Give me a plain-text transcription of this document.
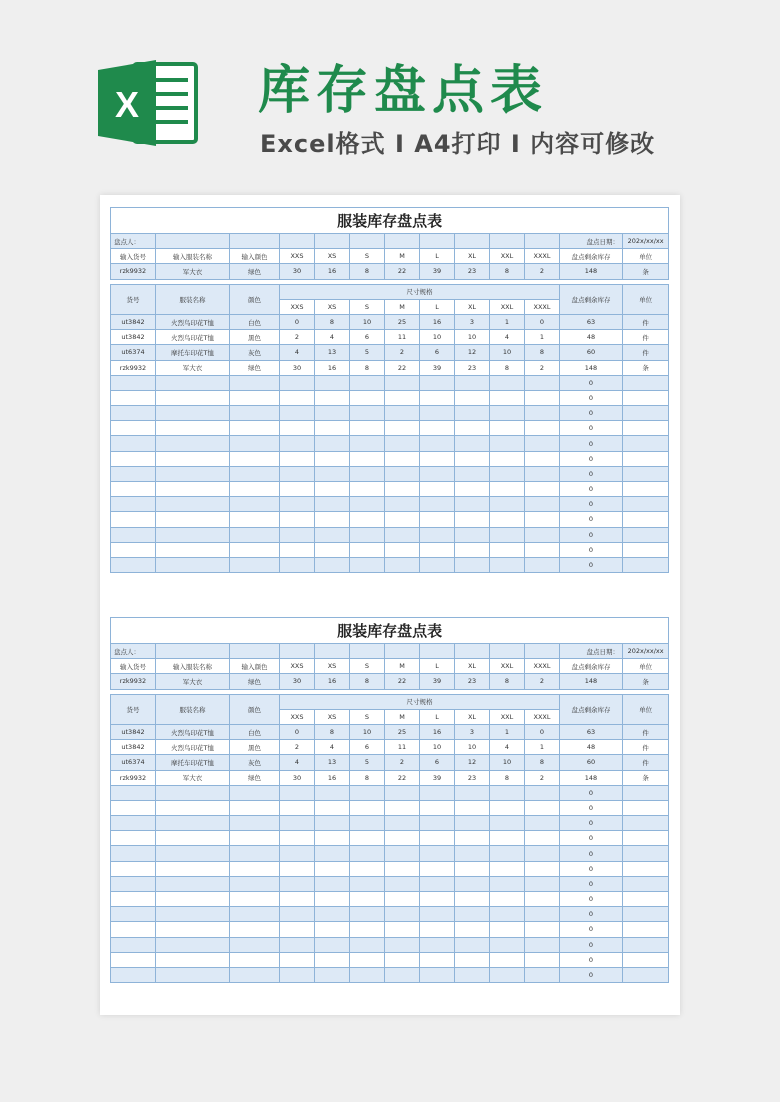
X 库存盘点表
Excel格式 I A4打印 I 内容可修改
服装库存盘点表												
盘点人：											盘点日期：	202x/xx/xx
输入货号	输入服装名称	输入颜色	XXS	XS	S	M	L	XL	XXL	XXXL	盘点剩余库存	单位
rzk9932	军大衣	绿色	30	16	8	22	39	23	8	2	148	条

货号	服装名称	颜色	尺寸规格								盘点剩余库存	单位
			XXS	XS	S	M	L	XL	XXL	XXXL		
ut3842	火烈鸟印花T恤	白色	0	8	10	25	16	3	1	0	63	件
ut3842	火烈鸟印花T恤	黑色	2	4	6	11	10	10	4	1	48	件
ut6374	摩托车印花T恤	灰色	4	13	5	2	6	12	10	8	60	件
rzk9932	军大衣	绿色	30	16	8	22	39	23	8	2	148	条
											0	
											0	
											0	
											0	
											0	
											0	
											0	
											0	
											0	
											0	
											0	
											0	
											0	
服装库存盘点表												
盘点人：											盘点日期：	202x/xx/xx
输入货号	输入服装名称	输入颜色	XXS	XS	S	M	L	XL	XXL	XXXL	盘点剩余库存	单位
rzk9932	军大衣	绿色	30	16	8	22	39	23	8	2	148	条

货号	服装名称	颜色	尺寸规格								盘点剩余库存	单位
			XXS	XS	S	M	L	XL	XXL	XXXL		
ut3842	火烈鸟印花T恤	白色	0	8	10	25	16	3	1	0	63	件
ut3842	火烈鸟印花T恤	黑色	2	4	6	11	10	10	4	1	48	件
ut6374	摩托车印花T恤	灰色	4	13	5	2	6	12	10	8	60	件
rzk9932	军大衣	绿色	30	16	8	22	39	23	8	2	148	条
											0	
											0	
											0	
											0	
											0	
											0	
											0	
											0	
											0	
											0	
											0	
											0	
											0	
